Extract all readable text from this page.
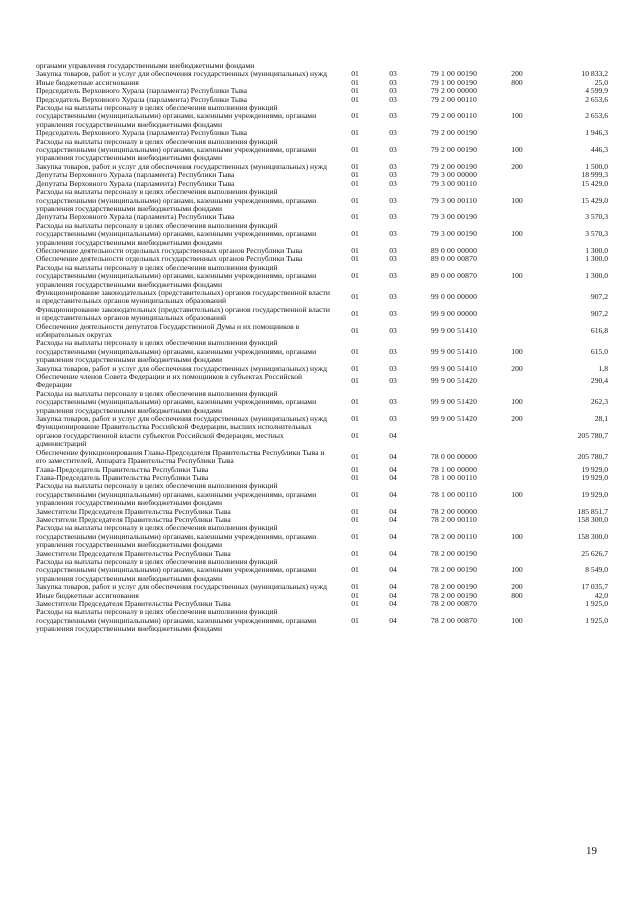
органами управления государственными внебюджетными фондами					
Закупка товаров, работ и услуг для обеспечения государственных (муниципальных) нужд	01	03	79 1 00 00190	200	10 833,2
Иные бюджетные ассигнования	01	03	79 1 00 00190	800	25,0
Председатель Верховного Хурала (парламента) Республики Тыва	01	03	79 2 00 00000		4 599,9
Председатель Верховного Хурала (парламента) Республики Тыва	01	03	79 2 00 00110		2 653,6
Расходы на выплаты персоналу в целях обеспечения выполнения функций государственными (муниципальными) органами, казенными учреждениями, органами управления государственными внебюджетными фондами	01	03	79 2 00 00110	100	2 653,6
Председатель Верховного Хурала (парламента) Республики Тыва	01	03	79 2 00 00190		1 946,3
Расходы на выплаты персоналу в целях обеспечения выполнения функций государственными (муниципальными) органами, казенными учреждениями, органами управления государственными внебюджетными фондами	01	03	79 2 00 00190	100	446,3
Закупка товаров, работ и услуг для обеспечения государственных (муниципальных) нужд	01	03	79 2 00 00190	200	1 500,0
Депутаты Верховного Хурала (парламента) Республики Тыва	01	03	79 3 00 00000		18 999,3
Депутаты Верховного Хурала (парламента) Республики Тыва	01	03	79 3 00 00110		15 429,0
Расходы на выплаты персоналу в целях обеспечения выполнения функций государственными (муниципальными) органами, казенными учреждениями, органами управления государственными внебюджетными фондами	01	03	79 3 00 00110	100	15 429,0
Депутаты Верховного Хурала (парламента) Республики Тыва	01	03	79 3 00 00190		3 570,3
Расходы на выплаты персоналу в целях обеспечения выполнения функций государственными (муниципальными) органами, казенными учреждениями, органами управления государственными внебюджетными фондами	01	03	79 3 00 00190	100	3 570,3
Обеспечение деятельности отдельных государственных органов Республики Тыва	01	03	89 0 00 00000		1 300,0
Обеспечение деятельности отдельных государственных органов Республики Тыва	01	03	89 0 00 00870		1 300,0
Расходы на выплаты персоналу в целях обеспечения выполнения функций государственными (муниципальными) органами, казенными учреждениями, органами управления государственными внебюджетными фондами	01	03	89 0 00 00870	100	1 300,0
Функционирование законодательных (представительных) органов государственной власти и представительных органов муниципальных образований	01	03	99 0 00 00000		907,2
Функционирование законодательных (представительных) органов государственной власти и представительных органов муниципальных образований	01	03	99 9 00 00000		907,2
Обеспечение деятельности депутатов Государственной Думы и их помощников в избирательных округах	01	03	99 9 00 51410		616,8
Расходы на выплаты персоналу в целях обеспечения выполнения функций государственными (муниципальными) органами, казенными учреждениями, органами управления государственными внебюджетными фондами	01	03	99 9 00 51410	100	615,0
Закупка товаров, работ и услуг для обеспечения государственных (муниципальных) нужд	01	03	99 9 00 51410	200	1,8
Обеспечение членов Совета Федерации и их помощников в субъектах Российской Федерации	01	03	99 9 00 51420		290,4
Расходы на выплаты персоналу в целях обеспечения выполнения функций государственными (муниципальными) органами, казенными учреждениями, органами управления государственными внебюджетными фондами	01	03	99 9 00 51420	100	262,3
Закупка товаров, работ и услуг для обеспечения государственных (муниципальных) нужд	01	03	99 9 00 51420	200	28,1
Функционирование Правительства Российской Федерации, высших исполнительных органов государственной власти субъектов Российской Федерации, местных администраций	01	04			205 780,7
Обеспечение функционирования Главы-Председателя Правительства Республики Тыва и его заместителей, Аппарата Правительства Республики Тыва	01	04	78 0 00 00000		205 780,7
Глава-Председатель Правительства Республики Тыва	01	04	78 1 00 00000		19 929,0
Глава-Председатель Правительства Республики Тыва	01	04	78 1 00 00110		19 929,0
Расходы на выплаты персоналу в целях обеспечения выполнения функций государственными (муниципальными) органами, казенными учреждениями, органами управления государственными внебюджетными фондами	01	04	78 1 00 00110	100	19 929,0
Заместители Председателя Правительства Республики Тыва	01	04	78 2 00 00000		185 851,7
Заместители Председателя Правительства Республики Тыва	01	04	78 2 00 00110		158 300,0
Расходы на выплаты персоналу в целях обеспечения выполнения функций государственными (муниципальными) органами, казенными учреждениями, органами управления государственными внебюджетными фондами	01	04	78 2 00 00110	100	158 300,0
Заместители Председателя Правительства Республики Тыва	01	04	78 2 00 00190		25 626,7
Расходы на выплаты персоналу в целях обеспечения выполнения функций государственными (муниципальными) органами, казенными учреждениями, органами управления государственными внебюджетными фондами	01	04	78 2 00 00190	100	8 549,0
Закупка товаров, работ и услуг для обеспечения государственных (муниципальных) нужд	01	04	78 2 00 00190	200	17 035,7
Иные бюджетные ассигнования	01	04	78 2 00 00190	800	42,0
Заместители Председателя Правительства Республики Тыва	01	04	78 2 00 00870		1 925,0
Расходы на выплаты персоналу в целях обеспечения выполнения функций государственными (муниципальными) органами, казенными учреждениями, органами управления государственными внебюджетными фондами	01	04	78 2 00 00870	100	1 925,0
19
